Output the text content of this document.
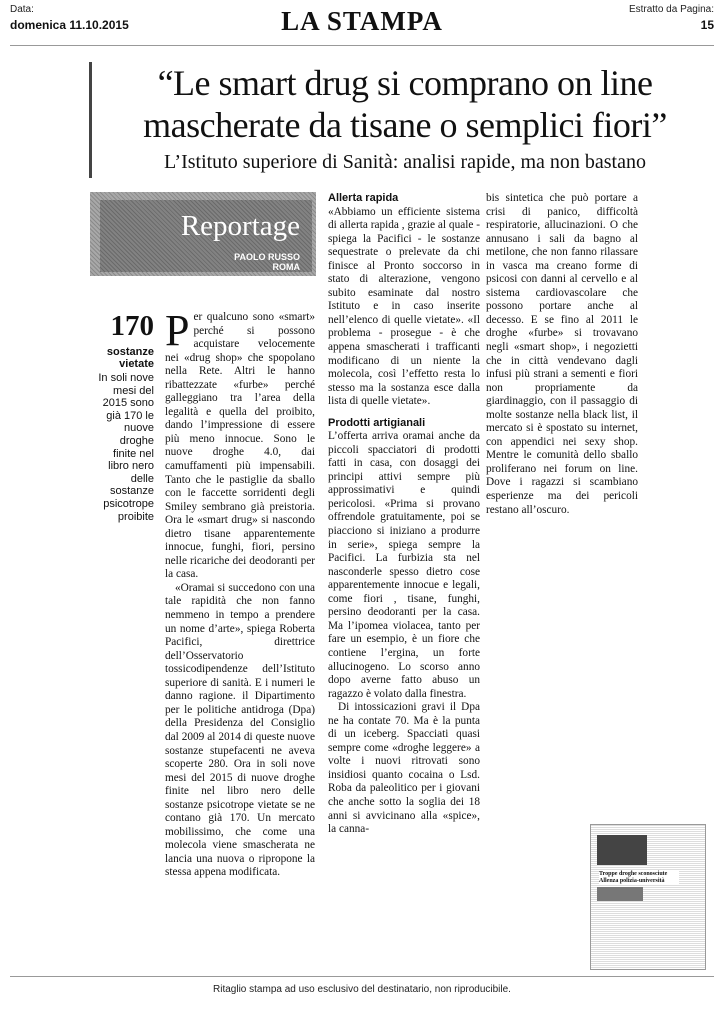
Data:
domenica 11.10.2015	LA STAMPA	Estratto da Pagina:
15
“Le smart drug si comprano on line
mascherate da tisane o semplici fiori”
L’Istituto superiore di Sanità: analisi rapide, ma non bastano
Reportage
PAOLO RUSSO
ROMA
170
sostanze
vietate
In soli nove mesi del 2015 sono già 170 le nuove droghe finite nel libro nero delle sostanze psicotrope proibite

Per qualcuno sono «smart» perché si possono acquistare velocemente nei «drug shop» che spopolano nella Rete. Altri le hanno ribattezzate «furbe» perché galleggiano tra l’area della legalità e quella del proibito, dando l’impressione di essere più meno innocue. Sono le nuove droghe 4.0, dai camuffamenti più impensabili. Tanto che le pastiglie da sballo con le faccette sorridenti degli Smiley sembrano già preistoria. Ora le «smart drug» si nascondo dietro tisane apparentemente innocue, funghi, fiori, persino nelle ricariche dei deodoranti per la casa.

«Oramai si succedono con una tale rapidità che non fanno nemmeno in tempo a prendere un nome d’arte», spiega Roberta Pacifici, direttrice dell’Osservatorio tossicodipendenze dell’Istituto superiore di sanità. E i numeri le danno ragione. il Dipartimento per le politiche antidroga (Dpa) della Presidenza del Consiglio dal 2009 al 2014 di queste nuove sostanze stupefacenti ne aveva scoperte 280. Ora in soli nove mesi del 2015 di nuove droghe finite nel libro nero delle sostanze psicotrope vietate se ne contano già 170. Un mercato mobilissimo, che come una molecola viene smascherata ne lancia una nuova o ripropone la stessa appena modificata.

Allerta rapida

«Abbiamo un efficiente sistema di allerta rapida , grazie al quale -spiega la Pacifici - le sostanze sequestrate o prelevate da chi finisce al Pronto soccorso in stato di alterazione, vengono subito esaminate dal nostro Istituto e in caso inserite nell’elenco di quelle vietate». «Il problema - prosegue - è che appena smascherati i trafficanti modificano di un niente la molecola, così l’effetto resta lo stesso ma la sostanza esce dalla lista di quelle vietate».

Prodotti artigianali

L’offerta arriva oramai anche da piccoli spacciatori di prodotti fatti in casa, con dosaggi dei principi attivi sempre più approssimativi e quindi pericolosi. «Prima si provano offrendole gratuitamente, poi se piacciono si iniziano a produrre in serie», spiega sempre la Pacifici. La furbizia sta nel nasconderle spesso dietro cose apparentemente innocue e legali, come fiori , tisane, funghi, persino deodoranti per la casa. Ma l’ipomea violacea, tanto per fare un esempio, è un fiore che contiene l’ergina, un forte allucinogeno. Lo scorso anno dopo averne fatto abuso un ragazzo è volato dalla finestra.

Di intossicazioni gravi il Dpa ne ha contate 70. Ma è la punta di un iceberg. Spacciati quasi sempre come «droghe leggere» a volte i nuovi ritrovati sono insidiosi quanto cocaina o Lsd. Roba da paleolitico per i giovani che anche sotto la soglia dei 18 anni si avvicinano alla «spice», la canna-

bis sintetica che può portare a crisi di panico, difficoltà respiratorie, allucinazioni. O che annusano i sali da bagno al metilone, che non fanno rilassare in vasca ma creano forme di psicosi con danni al cervello e al sistema cardiovascolare che possono portare anche al decesso. E se fino al 2011 le droghe «furbe» si trovavano negli «smart shop», i negozietti che in città vendevano dagli infusi più strani a sementi e fiori non propriamente da giardinaggio, con il passaggio di molte sostanze nella black list, il mercato si è spostato su internet, con appendici nei sexy shop. Mentre le comunità dello sballo proliferano nei forum on line. Dove i ragazzi si scambiano esperienze ma dei pericoli restano all’oscuro.

Troppe droghe sconosciute Allenza polizia-università
Ritaglio stampa ad uso esclusivo del destinatario, non riproducibile.
